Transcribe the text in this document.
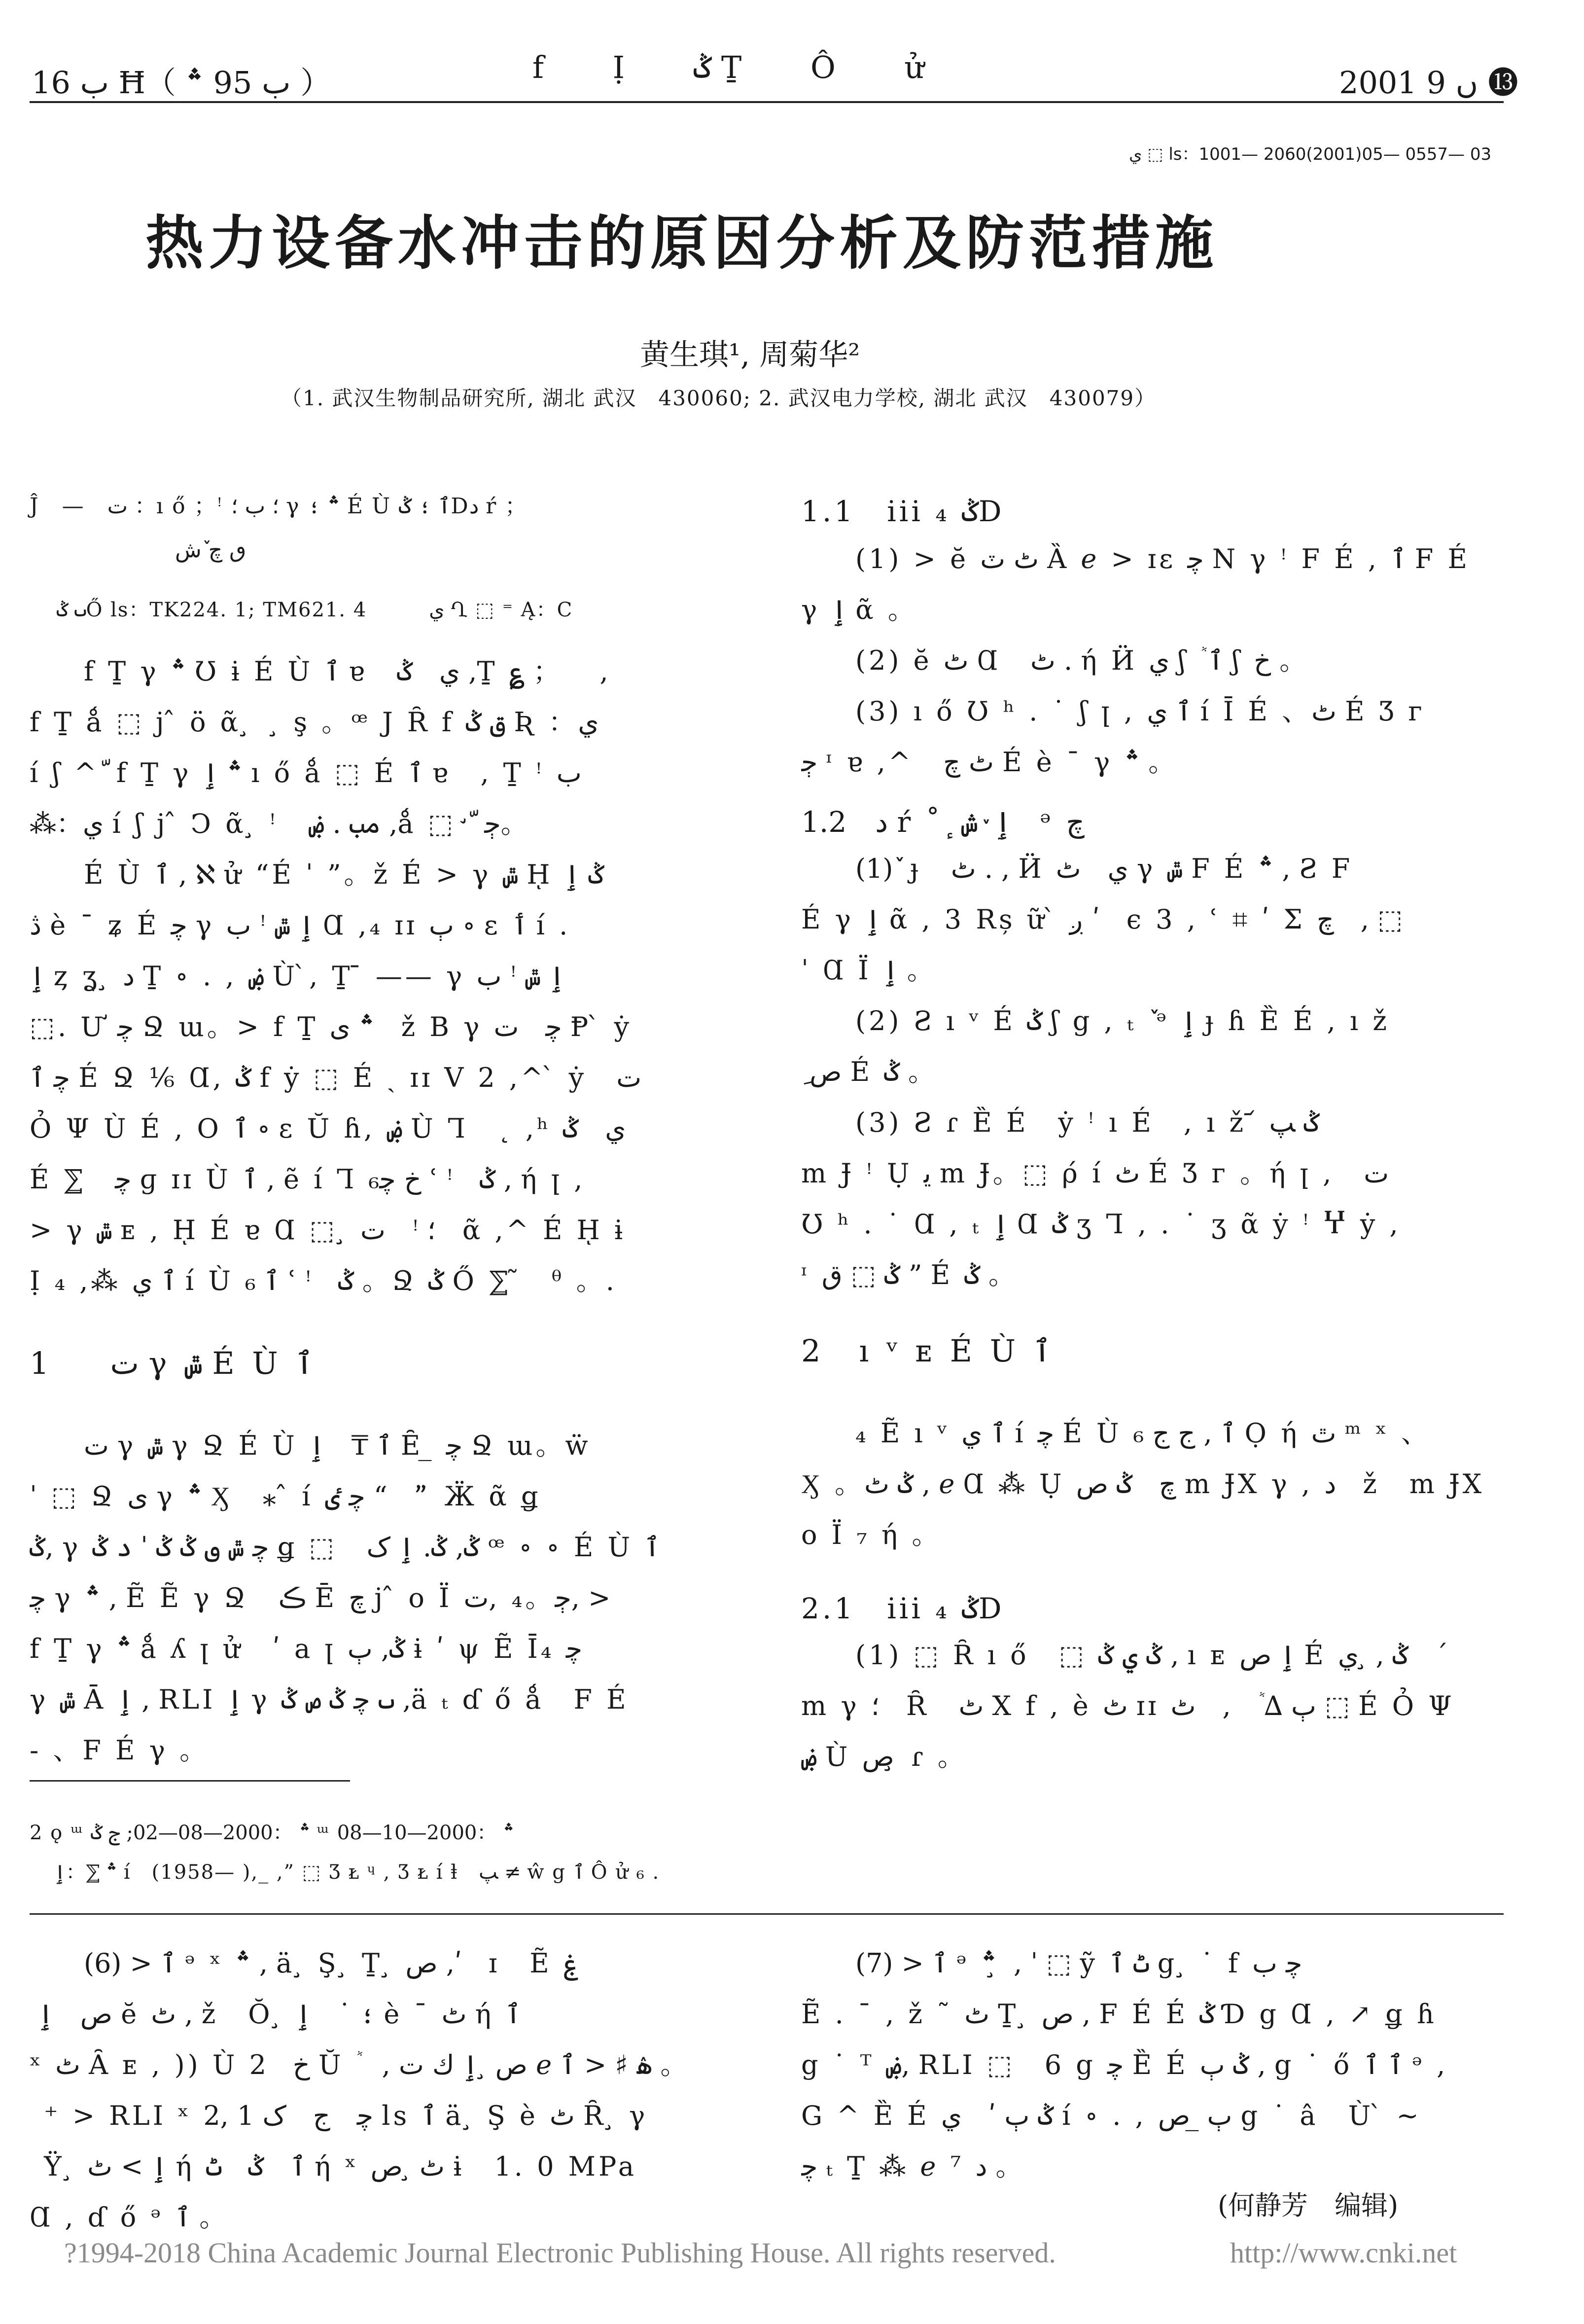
ب 16 Ħ（ ب 95 ؞ ）	f Ị ݣ Ṯ Ô ử	2001 ں 9 ⓭
ي ⬚ ls：1001— 2060(2001)05— 0557— 03
热力设备水冲击的原因分析及防范措施
黄生琪¹, 周菊华²
（1. 武汉生物制品研究所, 湖北 武汉　430060; 2. 武汉电力学校, 湖北 武汉　430079）
Ĵ　—　ت ：ı ő ；ꜝ ؛ ب ؛ γ ؞ ؛ É Ù ٱ ؛ ݣDد ŕ ；
ٯ چ ٚش
ٮ ݣŐ ls：TK224. 1; TM621. 4　　　ي Ղ ⬚ ⁼ Ą：C

f Ṯ γ ؞ Ʊ ɨ É Ù ٱ ɐ　ي　ݣ ,Ṯ ؏ ；　　,

f Ṯ ǻ ⬚ j ̂ ö ᾶ ̧　̧ ş 。ꟹ J Ȓ f ق ݣ Ʀ ：ي

í ʃ ^ ّ f Ṯ γ ؞ ٳ ı ő ǻ ⬚ É ٱ ɐ　, Ṯ ꜝ ب

⁂：ي í ʃ j ̂ Ͻ ᾶ ̧ ꜝ　مب . ۻ ,ǻ ⬚ ̛ ّ ﭴ。

É Ù ٱ , ℵ ử “É ˈ ”。ž É > γ ݜ ῌ ݣ ٳ

ڎ è ˉ ʑ É ﭼ γ ٳ ݜ ꜝ ب Ɑ ,₄ ɪɪ ٻ ∘ ɛ ٲ í .

ٳ ȥ ʓ ̧ د Ṯ ∘ . , ۻ Ù ̀, Ṯ ̄ —— γ ٳ ݜ ꜝ ب

⬚. Ư ﭼ Ջ ɯ。> f Ṯ ؞ ی　ž B γ ﭼ　ت Ᵽ ̀ ẏ

ﭼ ٱ É Ջ ⅙ Ɑ, ݣ f ẏ ⬚ É ˎ ɪɪ V 2 ,^ ̀ ẏ　ت

Ỏ Ψ Ù É , O ٱ ∘ ɛ Ŭ ɦ, ۻ Ù Ꞁ　˛ ,ʰ ي　ݣ

É ⅀　ﭼ ɡ ɪɪ Ù ٱ , ẽ í Ꞁ خ ﭼ₆ ʿ ꜝ　ݣ , ή ꞁ ,

> γ ݜ ᴇ , ῌ É ɐ Ɑ ⬚ ̧ ؛ ꜝ　ت　ᾶ ,^ É ῌ ɨ

Ị ₄ ,⁂ ٱ ي í Ù ٱ ₆ ʿ ꜝ　ݣ 。Ջ ݣ Ő ⅀ ̃　ᶿ 。.

1　　ت γ ݜ É Ù ٱ

ت γ ݜ γ Ջ É Ù ٱ ₸　ٳ Ȇ ̲ ﭼ Ջ ɯ。ẅ

ˈ ⬚ Ջ ی γ ؞ Ӽ　⁎ ̂ í ﭼ ٸ “　” ̈ Ӝ ᾶ ǥ

ݣ, γ ﭼ ݜ ٯ ݣ ݣ ˈ د ݣ ǥ ⬚　ݣ, ݣ. ٳ ک ꟹ ∘ ∘ É Ù ٱ

ﭼ γ ؞ , Ẽ Ẽ γ Ջ　ڪ Ē چ j ̂ o Ï ﭴ。₄ ,ت, >

f Ṯ γ ؞ ǻ ʎ ꞁ ử　ʹ a ꞁ ݣ, ٻ ɨ ʹ ψ Ẽ Ῑ₄ ﭼ

γ ݜ Ā ٳ , RLI ٳ γ ٮ ﭼ ݣ ص ݣ ,ä ₜ ɗ ő ǻ　F É

- 、F É γ 。

2 ǫ ᵚ ؞ ：2000—08—02; ج ݣ ᵚ ؞ ：2000—10—08
؞ ⅀：ٳ í　(1958— ),_ ,” ⬚ Ʒ ᴌ ᶣ , Ʒ ᴌ í ⱡ　ﭗ ≠ ŵ g ٱ Ô ử ₆ .
1.1　iii ₄ ݣD

(1) > ĕ ٹ ٽ Ȁ ℯ > ɪɛ ﭼ N γ ꜝ F É , ٱ F É

γ ٳ ᾶ 。

(2) ĕ ٹ Ɑ　ٹ . ή Ӥ ي ʃ ٞ ٱ ʃ خ 。

(3) ı ő Ʊ ʰ . ˙ ʃ ꞁ , ٱ ي í Ῑ É 、ٹ É Ʒ г

ﭴ ᶦ ɐ ,^　ٹ چ É è ˉ γ ؞ 。

1.2　د ŕ ˚ ٕ ٳ ٚش　ᵊ چ

(1) ٚ ɟ　ٹ . , Ӥ ي　ٹ γ ݜ F É ؞ , Ƨ F

É γ ٳ ᾶ , 3 Rș ữ ̀ ږ ʹ　є 3 , ʿ ⌗ ʹ Σ چ　, ⬚

ˈ Ɑ Ï ٳ 。

(2) Ƨ ı ᵛ É ݣ ʃ g , ₜ ٚ ᵊ ٳ ɟ ɦ Ȅ É , ı ž

ِ ص É ݣ 。

(3) Ƨ ɾ Ȅ É　ẏ ꜝ ı É　, ı ž ᷄ ݣ ﭗ

m Ɉ ꜝ Ụ ﻳ m Ɉ。⬚ ρ́ í ٹ É Ʒ г 。ή ꞁ ,　ت

Ʊ ʰ . ˙ Ɑ , ₜ ٳ Ɑ ݣ ʒ Ꞁ , . ˙ ʒ ᾶ ẏ ꜝ Ⴤ ẏ ,

ᶦ ݣ ⬚ ق ” É ݣ 。

2　ı ᵛ ᴇ É Ù ٱ

₄ Ẽ ı ᵛ ٱ ي í ﭼ É Ù ٱ , ج ج ₆ Ọ ή ٿ ᵐ ˣ 、

Ӽ 。ݣ ٹ , ℯ Ɑ ⁂ Ụ چ　ݣ ص m ɈX γ , د　ž　m ɈX

o Ï ₇ ή 。

2.1　iii ₄ ݣD

(1) ⬚ Ȓ ı ő　⬚ ݣ ي ݣ , ı ᴇ ٳ ص É ݣ , ̧ ي　ˊ

m γ ؛　Ȓ　ٹ X f , è ٹ ɪɪ ٻ ∆ ٞ　,　ٹ ⬚ É Ỏ Ψ

ۻ Ù ص ̧ ɾ 。

(6) > ٱ ᵊ ˣ ؞ , ä ̧ Ş ̧ Ṯ ̧ ص ,ʹ　ɪ　Ẽ ۼ

̄ ص　ٳ ĕ ٹ , ž　Ŏ ̧ ؛ ˙　ٳ è ˉ ٹ ή ٱ

ˣ ٹ Ȃ ᴇ , )) Ù خ　2 Ŭ ٞ　, ص ̧ ٳ ك ت ℯ ۿ ♯ < ٱ 。

̲ ⁺ > RLI ˣ ﭼ　ج　ک 1 ,2 ls ٱ ä ̧ Ş è ٹ Ȓ ̧ γ

̧ Ÿ ̧ ٳ > ٹ ή ٱ　ݣ　ٹ ή ˣ ٹ ̧ ص ɨ　1. 0 MPa

Ɑ , ɗ ő ᵊ ٱ 。

(7) > ٱ ᵊ ؞ ̧ , ˈ ⬚ ỹ ٹ ٱ g ̧ ˙ f ﭼ ب

Ẽ . ˉ , ž ˜ ٹ Ṯ ̧ ص , F É É ݣ Ɗ g Ɑ , ↗ ǥ ɦ

g ˙ ᵀ ۻ, RLI ⬚　6 g ﭼ Ȅ É ݣ ٻ , g ˙ ő ٱ ٱ ᵊ ,

G ^ Ȅ É ݣ ٻ ʹ　ي í ∘ . , ٻ ̲ ص g ˙ â　Ù ̀ ~

ﭼ ₜ Ṯ ⁂ ℯ ⁷ د 。

(何静芳　编辑)
?1994-2018 China Academic Journal Electronic Publishing House. All rights reserved.	http://www.cnki.net
